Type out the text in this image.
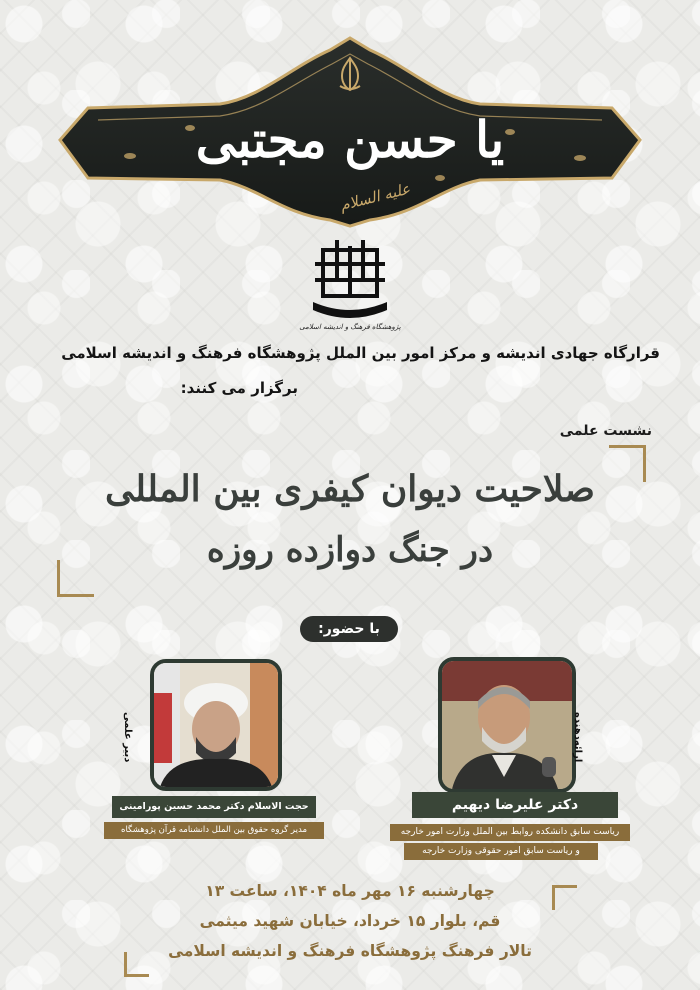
یا حسن مجتبی
علیه السلام
پژوهشگاه فرهنگ و اندیشه اسلامی
قرارگاه جهادی اندیشه و مرکز امور بین الملل پژوهشگاه فرهنگ و اندیشه اسلامی
برگزار می کنند:
نشست علمی
صلاحیت دیوان کیفری بین المللی
در جنگ دوازده روزه
با حضور:
ارائه‌دهنده
دبیر علمی
دکتر علیرضا دیهیم
ریاست سابق دانشکده روابط بین الملل وزارت امور خارجه
و ریاست سابق امور حقوقی وزارت خارجه
حجت الاسلام دکتر محمد حسین پورامینی
مدیر گروه حقوق بین الملل دانشنامه قرآن پژوهشگاه
چهارشنبه ۱۶ مهر ماه ۱۴۰۴، ساعت ۱۳
قم، بلوار ۱۵ خرداد، خیابان شهید میثمی
تالار فرهنگ پژوهشگاه فرهنگ و اندیشه اسلامی
